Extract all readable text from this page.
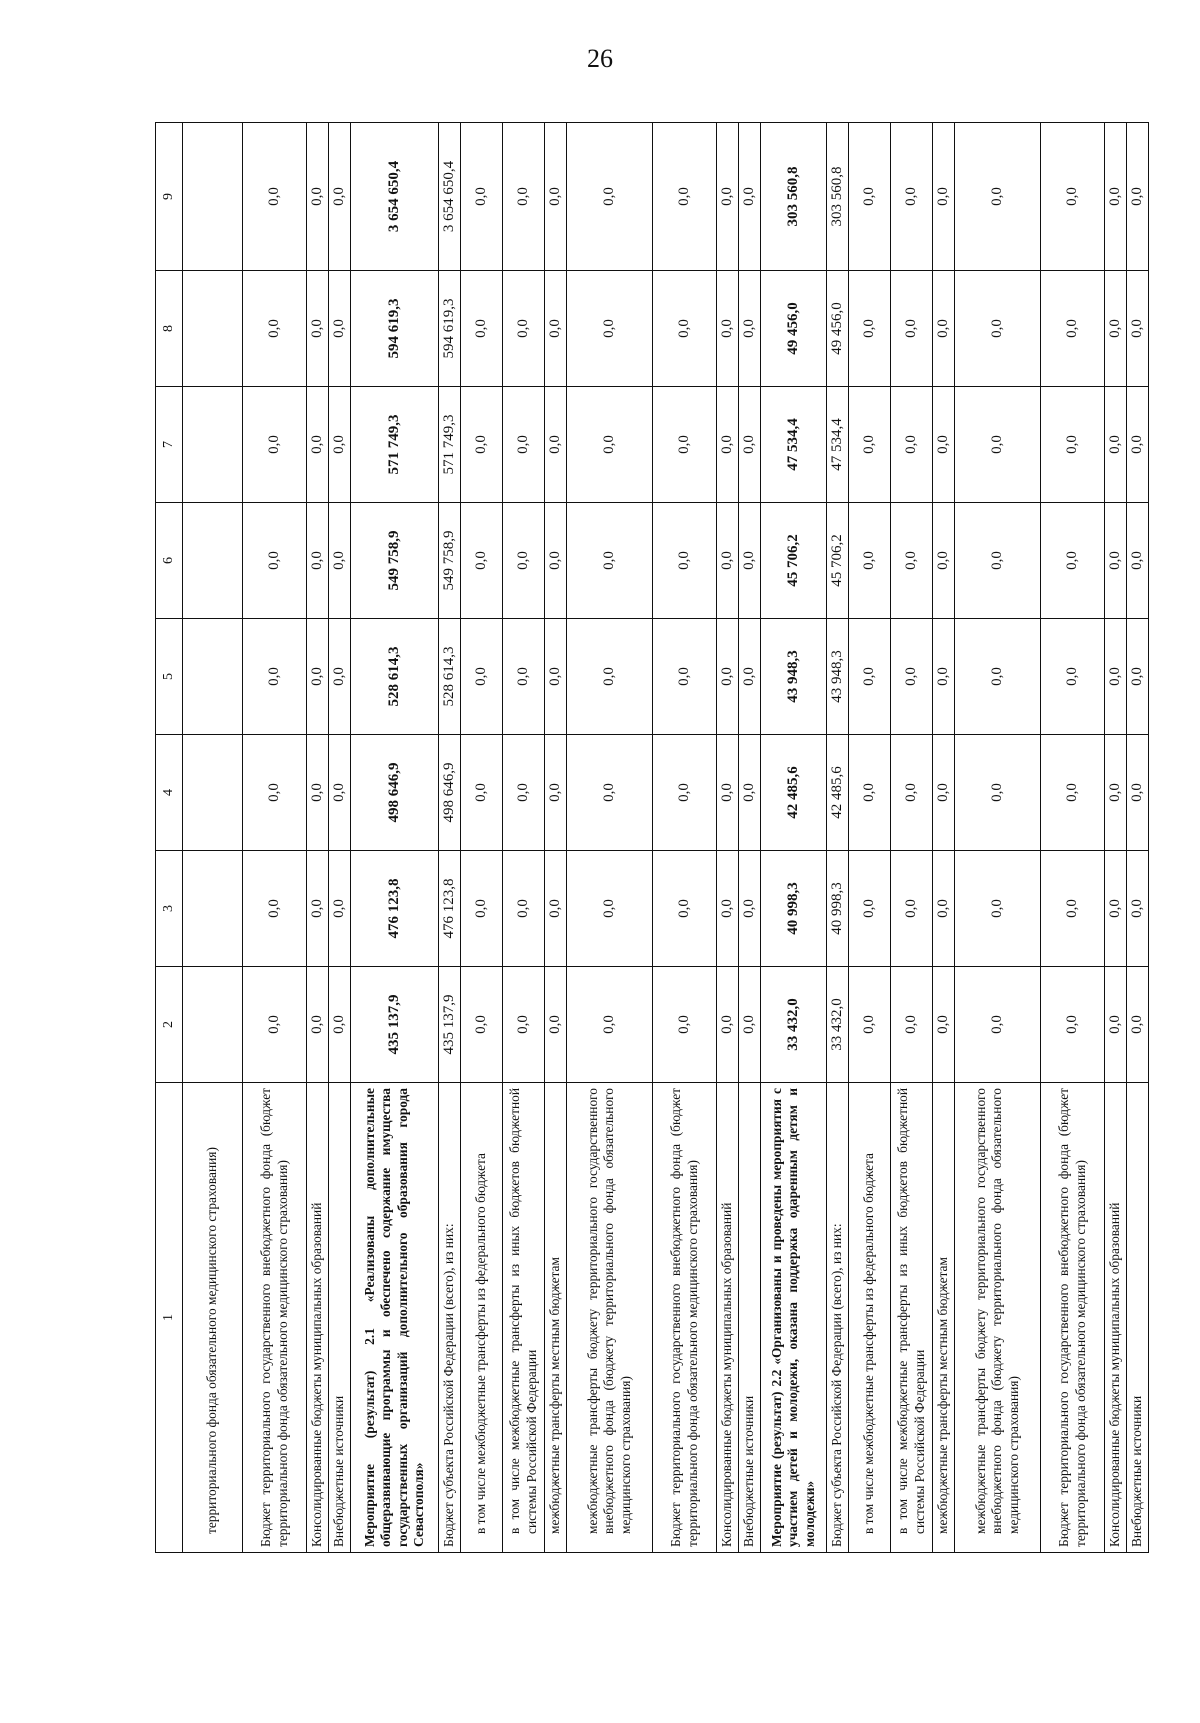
26
1	2	3	4	5	6	7	8	9
территориального фонда обязательного медицинского страхования)								
Бюджет территориального государственного внебюджетного фонда (бюджет территориального фонда обязательного медицинского страхования)	0,0	0,0	0,0	0,0	0,0	0,0	0,0	0,0
Консолидированные бюджеты муниципальных образований	0,0	0,0	0,0	0,0	0,0	0,0	0,0	0,0
Внебюджетные источники	0,0	0,0	0,0	0,0	0,0	0,0	0,0	0,0
Мероприятие (результат) 2.1 «Реализованы дополнительные общеразвивающие программы и обеспечено содержание имущества государственных организаций дополнительного образования города Севастополя»	435 137,9	476 123,8	498 646,9	528 614,3	549 758,9	571 749,3	594 619,3	3 654 650,4
Бюджет субъекта Российской Федерации (всего), из них:	435 137,9	476 123,8	498 646,9	528 614,3	549 758,9	571 749,3	594 619,3	3 654 650,4
в том числе межбюджетные трансферты из федерального бюджета	0,0	0,0	0,0	0,0	0,0	0,0	0,0	0,0
в том числе межбюджетные трансферты из иных бюджетов бюджетной системы Российской Федерации	0,0	0,0	0,0	0,0	0,0	0,0	0,0	0,0
межбюджетные трансферты местным бюджетам	0,0	0,0	0,0	0,0	0,0	0,0	0,0	0,0
межбюджетные трансферты бюджету территориального государственного внебюджетного фонда (бюджету территориального фонда обязательного медицинского страхования)	0,0	0,0	0,0	0,0	0,0	0,0	0,0	0,0
Бюджет территориального государственного внебюджетного фонда (бюджет территориального фонда обязательного медицинского страхования)	0,0	0,0	0,0	0,0	0,0	0,0	0,0	0,0
Консолидированные бюджеты муниципальных образований	0,0	0,0	0,0	0,0	0,0	0,0	0,0	0,0
Внебюджетные источники	0,0	0,0	0,0	0,0	0,0	0,0	0,0	0,0
Мероприятие (результат) 2.2 «Организованы и проведены мероприятия с участием детей и молодежи, оказана поддержка одаренным детям и молодежи»	33 432,0	40 998,3	42 485,6	43 948,3	45 706,2	47 534,4	49 456,0	303 560,8
Бюджет субъекта Российской Федерации (всего), из них:	33 432,0	40 998,3	42 485,6	43 948,3	45 706,2	47 534,4	49 456,0	303 560,8
в том числе межбюджетные трансферты из федерального бюджета	0,0	0,0	0,0	0,0	0,0	0,0	0,0	0,0
в том числе межбюджетные трансферты из иных бюджетов бюджетной системы Российской Федерации	0,0	0,0	0,0	0,0	0,0	0,0	0,0	0,0
межбюджетные трансферты местным бюджетам	0,0	0,0	0,0	0,0	0,0	0,0	0,0	0,0
межбюджетные трансферты бюджету территориального государственного внебюджетного фонда (бюджету территориального фонда обязательного медицинского страхования)	0,0	0,0	0,0	0,0	0,0	0,0	0,0	0,0
Бюджет территориального государственного внебюджетного фонда (бюджет территориального фонда обязательного медицинского страхования)	0,0	0,0	0,0	0,0	0,0	0,0	0,0	0,0
Консолидированные бюджеты муниципальных образований	0,0	0,0	0,0	0,0	0,0	0,0	0,0	0,0
Внебюджетные источники	0,0	0,0	0,0	0,0	0,0	0,0	0,0	0,0
